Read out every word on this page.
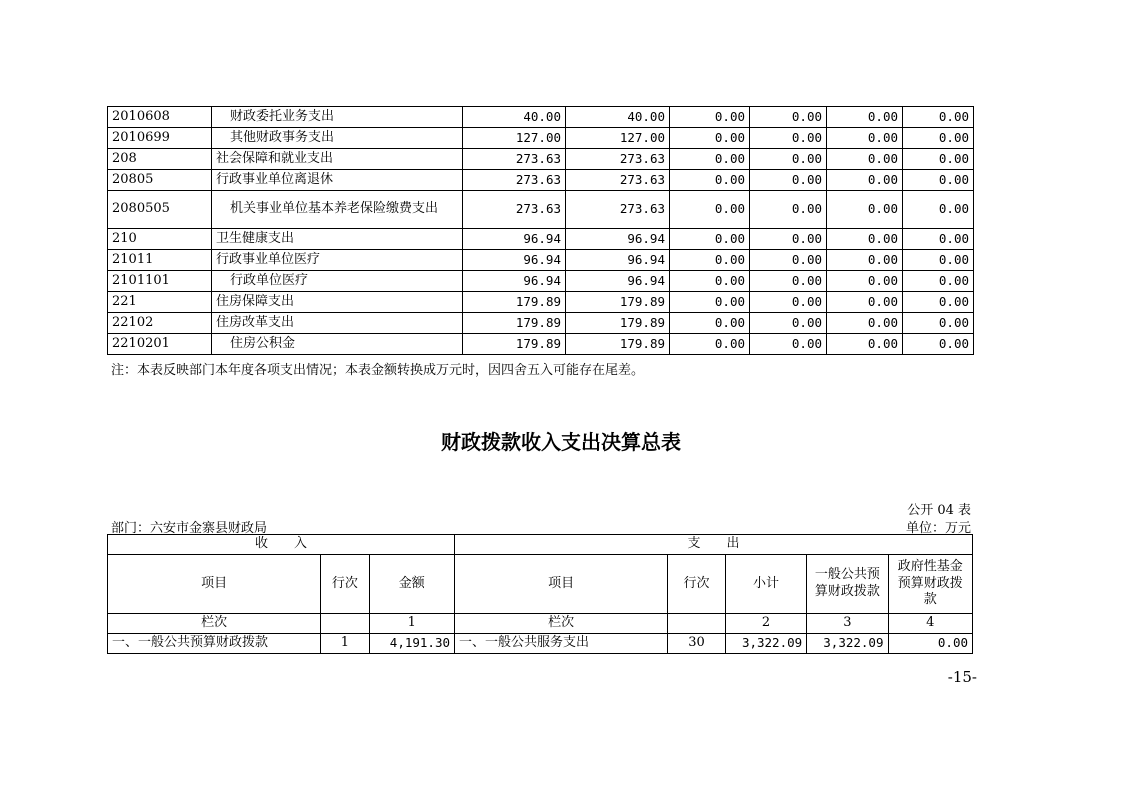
2010608	财政委托业务支出	40.00	40.00	0.00	0.00	0.00	0.00
2010699	其他财政事务支出	127.00	127.00	0.00	0.00	0.00	0.00
208	社会保障和就业支出	273.63	273.63	0.00	0.00	0.00	0.00
20805	行政事业单位离退休	273.63	273.63	0.00	0.00	0.00	0.00
2080505	机关事业单位基本养老保险缴费支出	273.63	273.63	0.00	0.00	0.00	0.00
210	卫生健康支出	96.94	96.94	0.00	0.00	0.00	0.00
21011	行政事业单位医疗	96.94	96.94	0.00	0.00	0.00	0.00
2101101	行政单位医疗	96.94	96.94	0.00	0.00	0.00	0.00
221	住房保障支出	179.89	179.89	0.00	0.00	0.00	0.00
22102	住房改革支出	179.89	179.89	0.00	0.00	0.00	0.00
2210201	住房公积金	179.89	179.89	0.00	0.00	0.00	0.00
注：本表反映部门本年度各项支出情况；本表金额转换成万元时，因四舍五入可能存在尾差。
财政拨款收入支出决算总表
公开 04 表
部门：六安市金寨县财政局	单位：万元
收　　入			支　　出				
项目	行次	金额	项目	行次	小计	一般公共预算财政拨款	政府性基金预算财政拨款
栏次		1	栏次		2	3	4
一、一般公共预算财政拨款	1	4,191.30	一、一般公共服务支出	30	3,322.09	3,322.09	0.00
-15-
